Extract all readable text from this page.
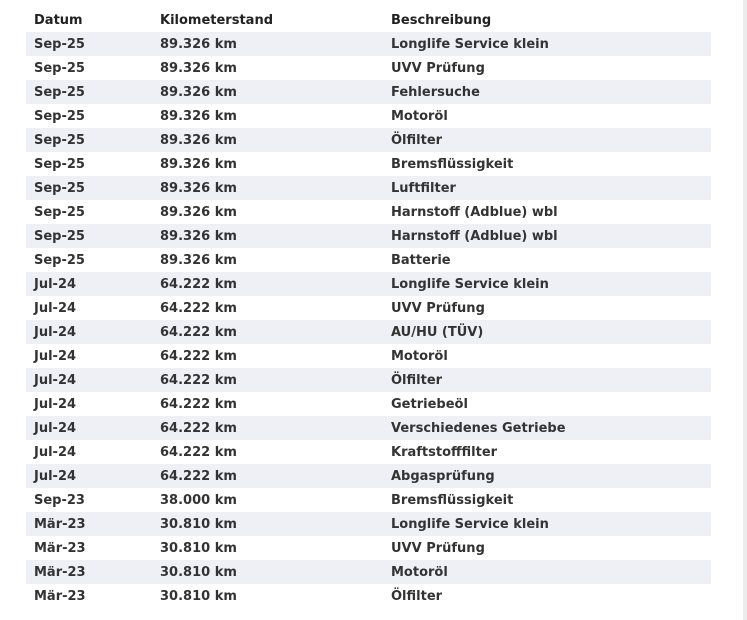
Datum	Kilometerstand	Beschreibung
Sep-25	89.326 km	Longlife Service klein
Sep-25	89.326 km	UVV Prüfung
Sep-25	89.326 km	Fehlersuche
Sep-25	89.326 km	Motoröl
Sep-25	89.326 km	Ölfilter
Sep-25	89.326 km	Bremsflüssigkeit
Sep-25	89.326 km	Luftfilter
Sep-25	89.326 km	Harnstoff (Adblue) wbl
Sep-25	89.326 km	Harnstoff (Adblue) wbl
Sep-25	89.326 km	Batterie
Jul-24	64.222 km	Longlife Service klein
Jul-24	64.222 km	UVV Prüfung
Jul-24	64.222 km	AU/HU (TÜV)
Jul-24	64.222 km	Motoröl
Jul-24	64.222 km	Ölfilter
Jul-24	64.222 km	Getriebeöl
Jul-24	64.222 km	Verschiedenes Getriebe
Jul-24	64.222 km	Kraftstofffilter
Jul-24	64.222 km	Abgasprüfung
Sep-23	38.000 km	Bremsflüssigkeit
Mär-23	30.810 km	Longlife Service klein
Mär-23	30.810 km	UVV Prüfung
Mär-23	30.810 km	Motoröl
Mär-23	30.810 km	Ölfilter
